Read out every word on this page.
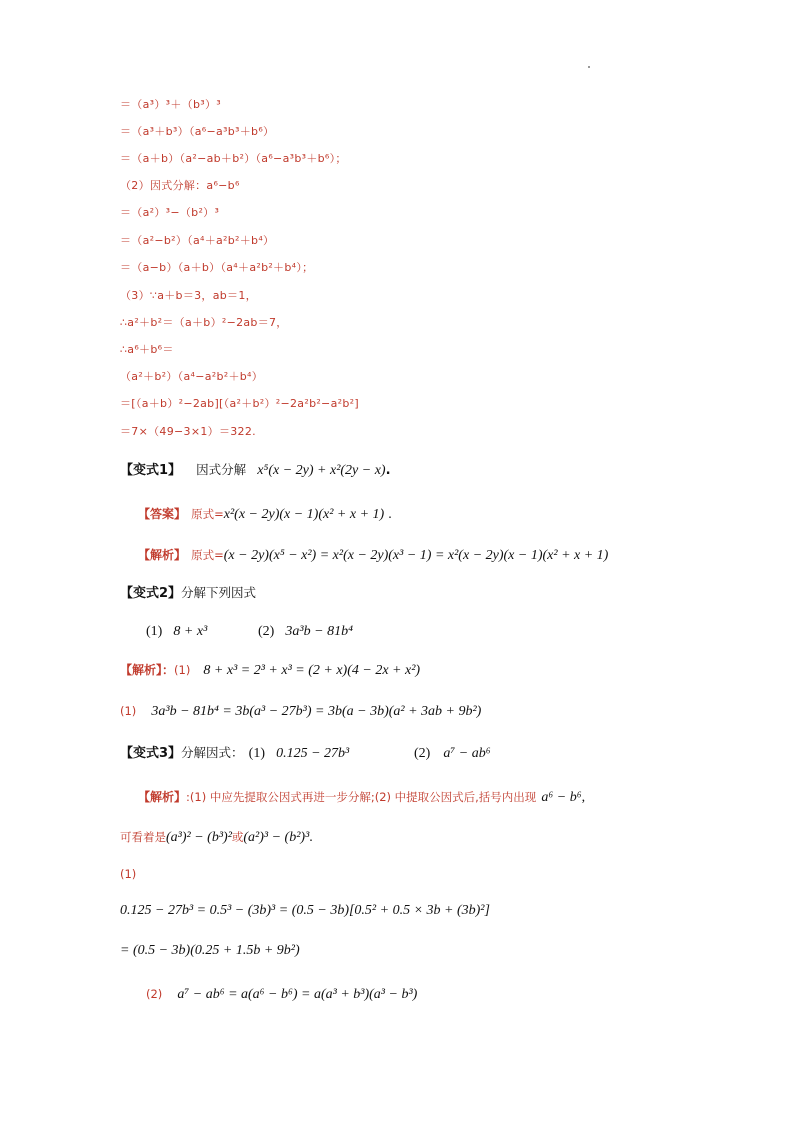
＝（a³）³＋（b³）³
＝（a³＋b³）（a⁶−a³b³＋b⁶）
＝（a＋b）（a²−ab＋b²）（a⁶−a³b³＋b⁶）；
（2）因式分解：a⁶−b⁶
＝（a²）³−（b²）³
＝（a²−b²）（a⁴＋a²b²＋b⁴）
＝（a−b）（a＋b）（a⁴＋a²b²＋b⁴）；
（3）∵a＋b＝3，ab＝1，
∴a²＋b²＝（a＋b）²−2ab＝7，
∴a⁶＋b⁶＝
（a²＋b²）（a⁴−a²b²＋b⁴）
＝[（a＋b）²−2ab][（a²＋b²）²−2a²b²−a²b²]
＝7×（49−3×1）＝322.
【变式1】 因式分解 x⁵(x − 2y) + x²(2y − x).
【答案】 原式=x²(x − 2y)(x − 1)(x² + x + 1) .
【解析】 原式=(x − 2y)(x⁵ − x²) = x²(x − 2y)(x³ − 1) = x²(x − 2y)(x − 1)(x² + x + 1)
【变式2】分解下列因式
(1) 8 + x³	(2) 3a³b − 81b⁴
【解析】：(1) 8 + x³ = 2³ + x³ = (2 + x)(4 − 2x + x²)
(1) 3a³b − 81b⁴ = 3b(a³ − 27b³) = 3b(a − 3b)(a² + 3ab + 9b²)
【变式3】分解因式： (1) 0.125 − 27b³	(2) a⁷ − ab⁶
【解析】:(1) 中应先提取公因式再进一步分解;(2) 中提取公因式后,括号内出现 a⁶ − b⁶,
可看着是(a³)² − (b³)²或(a²)³ − (b²)³.
(1)
0.125 − 27b³ = 0.5³ − (3b)³ = (0.5 − 3b)[0.5² + 0.5 × 3b + (3b)²]
= (0.5 − 3b)(0.25 + 1.5b + 9b²)
(2) a⁷ − ab⁶ = a(a⁶ − b⁶) = a(a³ + b³)(a³ − b³)
